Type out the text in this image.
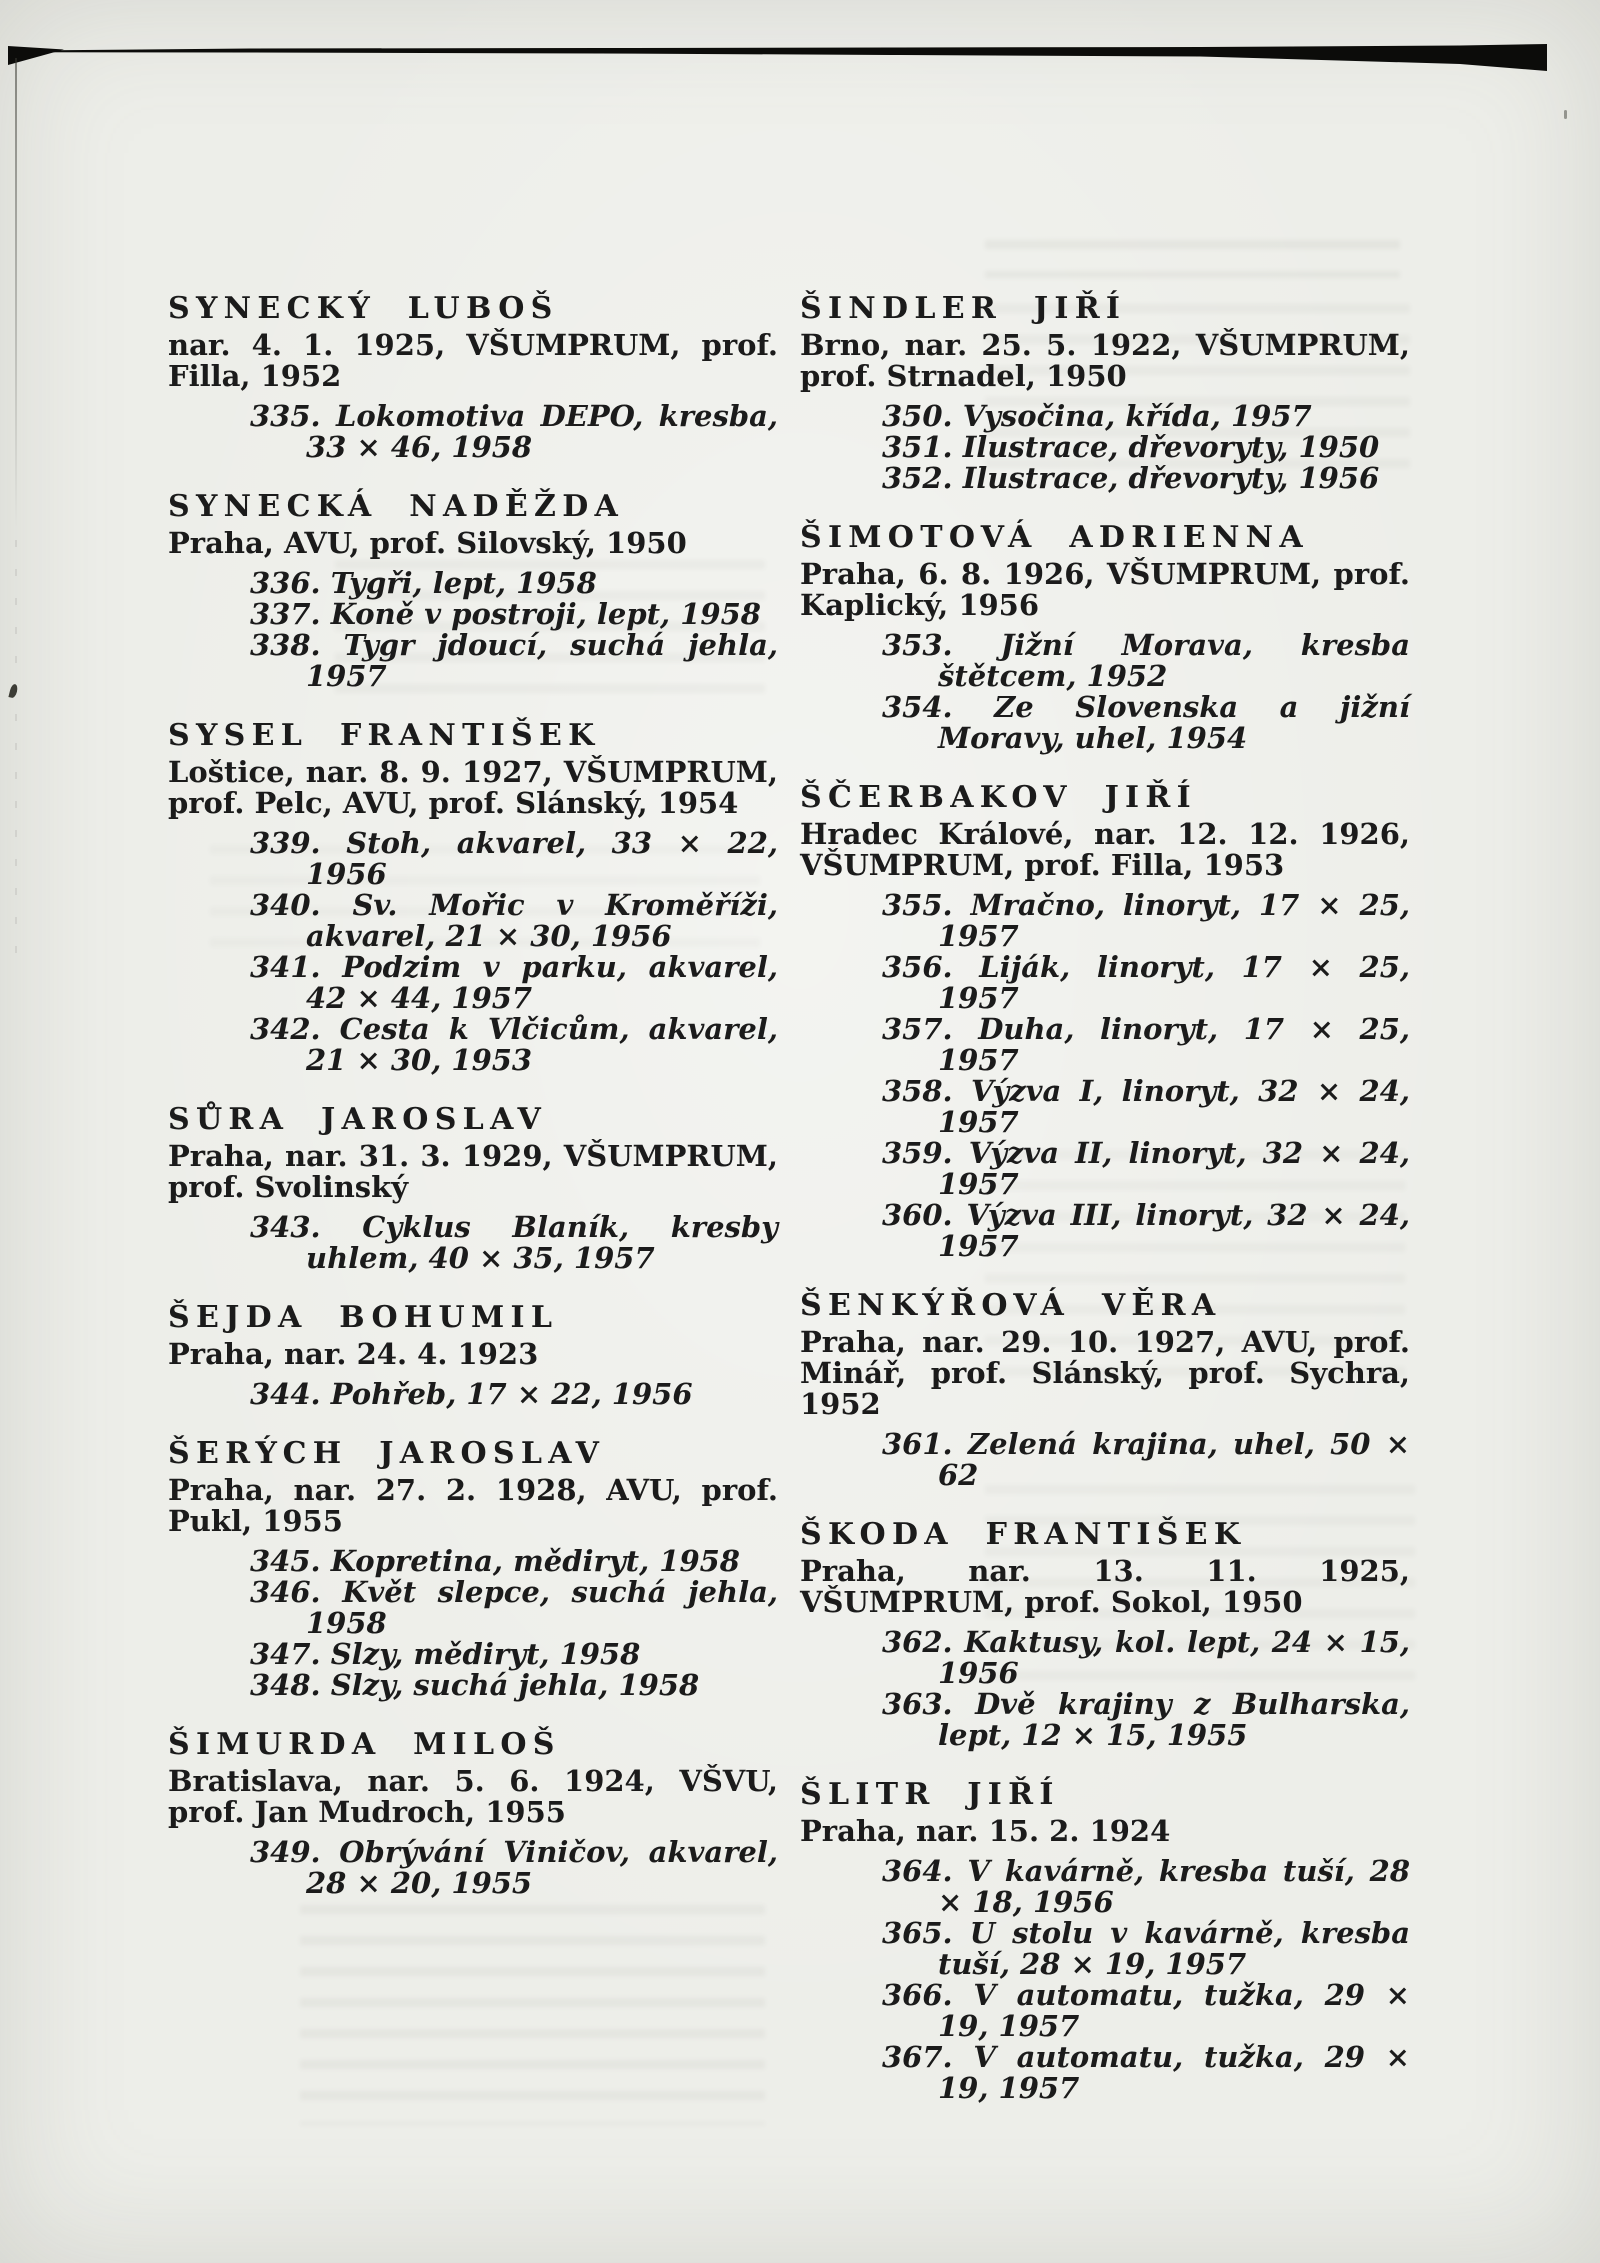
SYNECKÝ LUBOŠ

nar. 4. 1. 1925, VŠUMPRUM, prof. Filla, 1952

335. Lokomotiva DEPO, kresba, 33 × 46, 1958
SYNECKÁ NADĚŽDA

Praha, AVU, prof. Silovský, 1950

336. Tygři, lept, 1958
337. Koně v postroji, lept, 1958
338. Tygr jdoucí, suchá jehla, 1957
SYSEL FRANTIŠEK

Loštice, nar. 8. 9. 1927, VŠUMPRUM, prof. Pelc, AVU, prof. Slánský, 1954

339. Stoh, akvarel, 33 × 22, 1956
340. Sv. Mořic v Kroměříži, akvarel, 21 × 30, 1956
341. Podzim v parku, akvarel, 42 × 44, 1957
342. Cesta k Vlčicům, akvarel, 21 × 30, 1953
SŮRA JAROSLAV

Praha, nar. 31. 3. 1929, VŠUMPRUM, prof. Svolinský

343. Cyklus Blaník, kresby uhlem, 40 × 35, 1957
ŠEJDA BOHUMIL

Praha, nar. 24. 4. 1923

344. Pohřeb, 17 × 22, 1956
ŠERÝCH JAROSLAV

Praha, nar. 27. 2. 1928, AVU, prof. Pukl, 1955

345. Kopretina, mědiryt, 1958
346. Květ slepce, suchá jehla, 1958
347. Slzy, mědiryt, 1958
348. Slzy, suchá jehla, 1958
ŠIMURDA MILOŠ

Bratislava, nar. 5. 6. 1924, VŠVU, prof. Jan Mudroch, 1955

349. Obrývání Viničov, akvarel, 28 × 20, 1955
ŠINDLER JIŘÍ

Brno, nar. 25. 5. 1922, VŠUMPRUM, prof. Strnadel, 1950

350. Vysočina, křída, 1957
351. Ilustrace, dřevoryty, 1950
352. Ilustrace, dřevoryty, 1956
ŠIMOTOVÁ ADRIENNA

Praha, 6. 8. 1926, VŠUMPRUM, prof. Kaplický, 1956

353. Jižní Morava, kresba štětcem, 1952
354. Ze Slovenska a jižní Moravy, uhel, 1954
ŠČERBAKOV JIŘÍ

Hradec Králové, nar. 12. 12. 1926, VŠUMPRUM, prof. Filla, 1953

355. Mračno, linoryt, 17 × 25, 1957
356. Liják, linoryt, 17 × 25, 1957
357. Duha, linoryt, 17 × 25, 1957
358. Výzva I, linoryt, 32 × 24, 1957
359. Výzva II, linoryt, 32 × 24, 1957
360. Výzva III, linoryt, 32 × 24, 1957
ŠENKÝŘOVÁ VĚRA

Praha, nar. 29. 10. 1927, AVU, prof. Minář, prof. Slánský, prof. Sychra, 1952

361. Zelená krajina, uhel, 50 × 62
ŠKODA FRANTIŠEK

Praha, nar. 13. 11. 1925, VŠUMPRUM, prof. Sokol, 1950

362. Kaktusy, kol. lept, 24 × 15, 1956
363. Dvě krajiny z Bulharska, lept, 12 × 15, 1955
ŠLITR JIŘÍ

Praha, nar. 15. 2. 1924

364. V kavárně, kresba tuší, 28 × 18, 1956
365. U stolu v kavárně, kresba tuší, 28 × 19, 1957
366. V automatu, tužka, 29 × 19, 1957
367. V automatu, tužka, 29 × 19, 1957
